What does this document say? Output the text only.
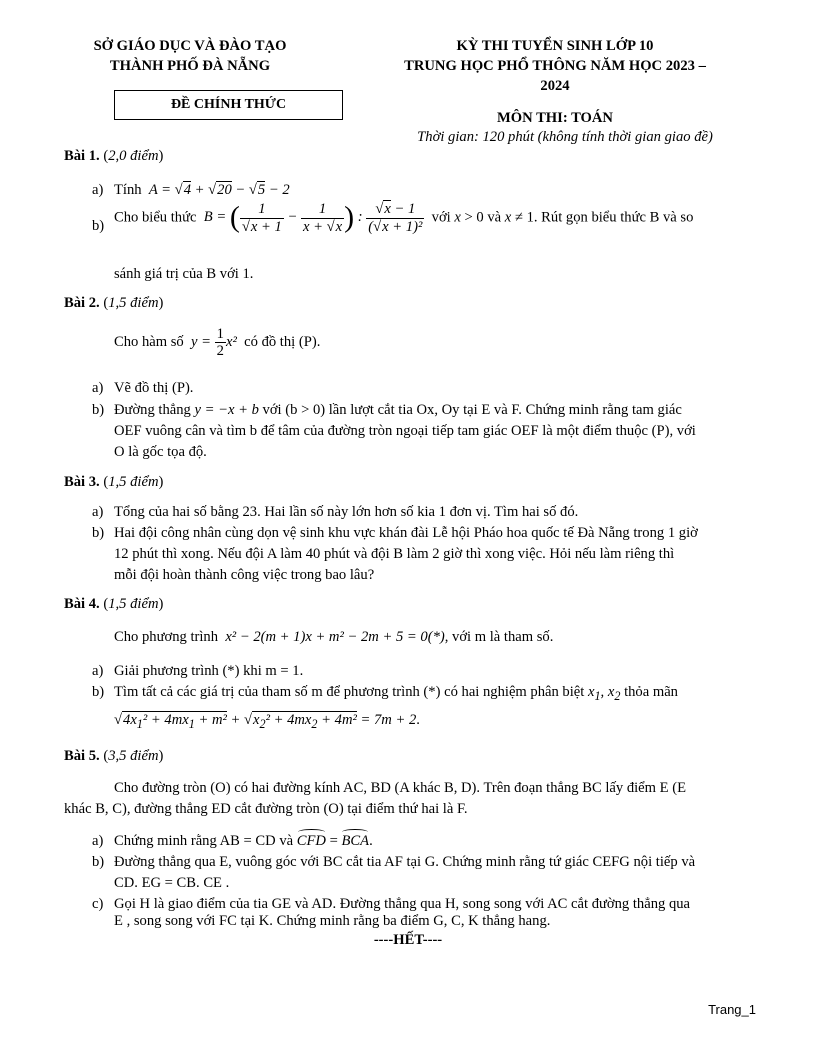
SỞ GIÁO DỤC VÀ ĐÀO TẠO
THÀNH PHỐ ĐÀ NẴNG
ĐỀ CHÍNH THỨC
KỲ THI TUYỂN SINH LỚP 10
TRUNG HỌC PHỔ THÔNG NĂM HỌC 2023 –
2024
MÔN THI: TOÁN
Thời gian: 120 phút (không tính thời gian giao đề)
Bài 1. (2,0 điểm)
a) Tính  A = √4 + √20 − √5 − 2
b)
Cho biểu thức  B = ( $\frac{1}{√x + 1} - \frac{1}{x + √x}$ ) : $\frac{√x - 1}{\text{(√x + 1)²}}$ với x > 0 và x ≠ 1. Rút gọn biểu thức B và so
sánh giá trị của B với 1.
Bài 2. (1,5 điểm)
Cho hàm số  $y = \frac{1}{2} x^2$  có đồ thị (P).
a) Vẽ đồ thị (P).
b) Đường thẳng y = −x + b với (b > 0) lần lượt cắt tia Ox, Oy tại E và F. Chứng minh rằng tam giác
OEF vuông cân và tìm b để tâm của đường tròn ngoại tiếp tam giác OEF là một điểm thuộc (P), với
O là gốc tọa độ.
Bài 3. (1,5 điểm)
a) Tổng của hai số bằng 23. Hai lần số này lớn hơn số kia 1 đơn vị. Tìm hai số đó.
b) Hai đội công nhân cùng dọn vệ sinh khu vực khán đài Lễ hội Pháo hoa quốc tế Đà Nẵng trong 1 giờ
12 phút thì xong. Nếu đội A làm 40 phút và đội B làm 2 giờ thì xong việc. Hỏi nếu làm riêng thì
mỗi đội hoàn thành công việc trong bao lâu?
Bài 4. (1,5 điểm)
Cho phương trình  x² − 2(m + 1)x + m² − 2m + 5 = 0(*), với m là tham số.
a) Giải phương trình (*) khi m = 1.
b) Tìm tất cả các giá trị của tham số m để phương trình (*) có hai nghiệm phân biệt $x_1$, $x_2$ thỏa mãn
$√4x_1^2 + 4mx_1 + m^2 + √x_2^2 + 4mx_2 + 4m^2 = 7m + 2$.
Bài 5. (3,5 điểm)
Cho đường tròn (O) có hai đường kính AC, BD (A khác B, D). Trên đoạn thẳng BC lấy điểm E (E
khác B, C), đường thẳng ED cắt đường tròn (O) tại điểm thứ hai là F.
a) Chứng minh rằng AB = CD và CFD = BCA.
b) Đường thẳng qua E, vuông góc với BC cắt tia AF tại G. Chứng minh rằng tứ giác CEFG nội tiếp và
CD. EG = CB. CE .
c) Gọi H là giao điểm của tia GE và AD. Đường thẳng qua H, song song với AC cắt đường thẳng qua
E , song song với FC tại K. Chứng minh rằng ba điểm G, C, K thẳng hang.
----HẾT----
Trang_1
